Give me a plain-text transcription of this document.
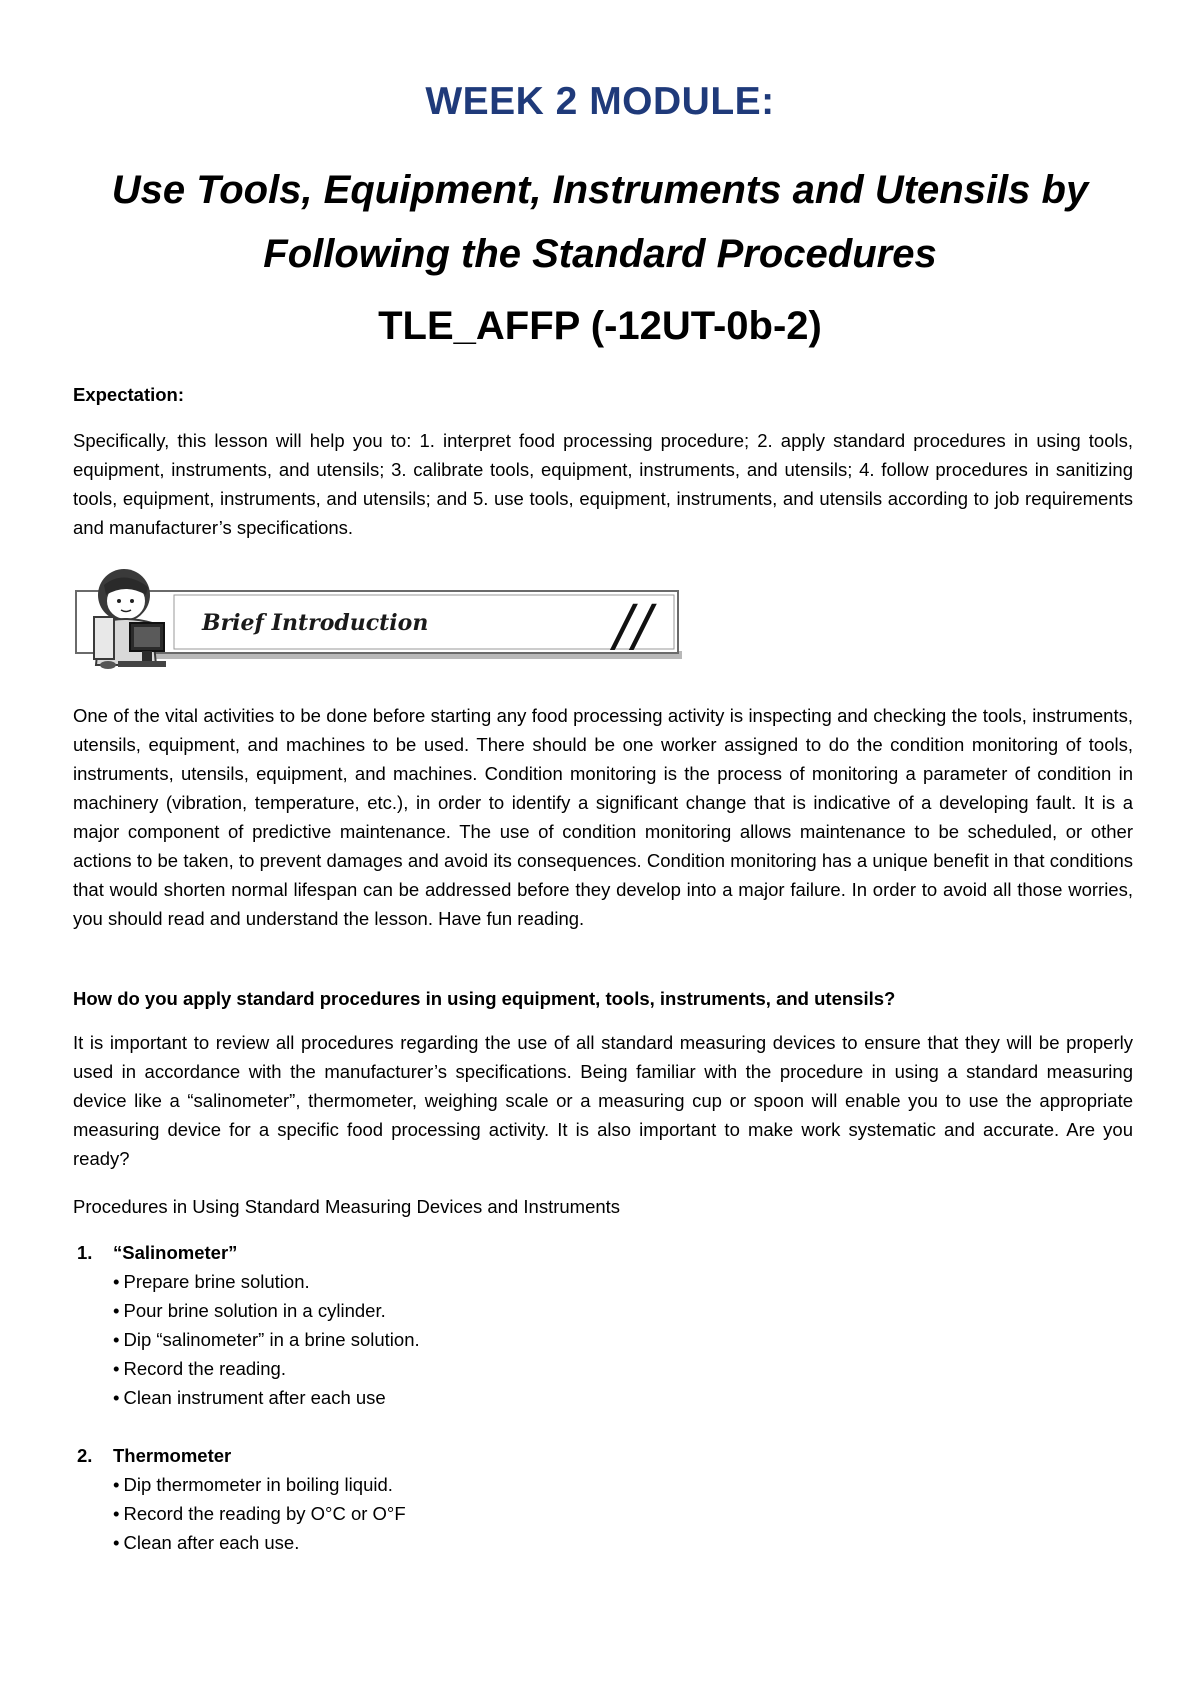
WEEK 2 MODULE:
Use Tools, Equipment, Instruments and Utensils by
Following the Standard Procedures
TLE_AFFP (-12UT-0b-2)
Expectation:
Specifically, this lesson will help you to: 1. interpret food processing procedure; 2. apply standard procedures in using tools, equipment, instruments, and utensils; 3. calibrate tools, equipment, instruments, and utensils; 4. follow procedures in sanitizing tools, equipment, instruments, and utensils; and 5. use tools, equipment, instruments, and utensils according to job requirements and manufacturer’s specifications.
Brief Introduction	//
One of the vital activities to be done before starting any food processing activity is inspecting and checking the tools, instruments, utensils, equipment, and machines to be used. There should be one worker assigned to do the condition monitoring of tools, instruments, utensils, equipment, and machines. Condition monitoring is the process of monitoring a parameter of condition in machinery (vibration, temperature, etc.), in order to identify a significant change that is indicative of a developing fault. It is a major component of predictive maintenance. The use of condition monitoring allows maintenance to be scheduled, or other actions to be taken, to prevent damages and avoid its consequences. Condition monitoring has a unique benefit in that conditions that would shorten normal lifespan can be addressed before they develop into a major failure. In order to avoid all those worries, you should read and understand the lesson. Have fun reading.
How do you apply standard procedures in using equipment, tools, instruments, and utensils?
It is important to review all procedures regarding the use of all standard measuring devices to ensure that they will be properly used in accordance with the manufacturer’s specifications. Being familiar with the procedure in using a standard measuring device like a “salinometer”, thermometer, weighing scale or a measuring cup or spoon will enable you to use the appropriate measuring device for a specific food processing activity. It is also important to make work systematic and accurate. Are you ready?
Procedures in Using Standard Measuring Devices and Instruments
1. “Salinometer”
• Prepare brine solution.
• Pour brine solution in a cylinder.
• Dip “salinometer” in a brine solution.
• Record the reading.
• Clean instrument after each use
2. Thermometer
• Dip thermometer in boiling liquid.
• Record the reading by O°C or O°F
• Clean after each use.
